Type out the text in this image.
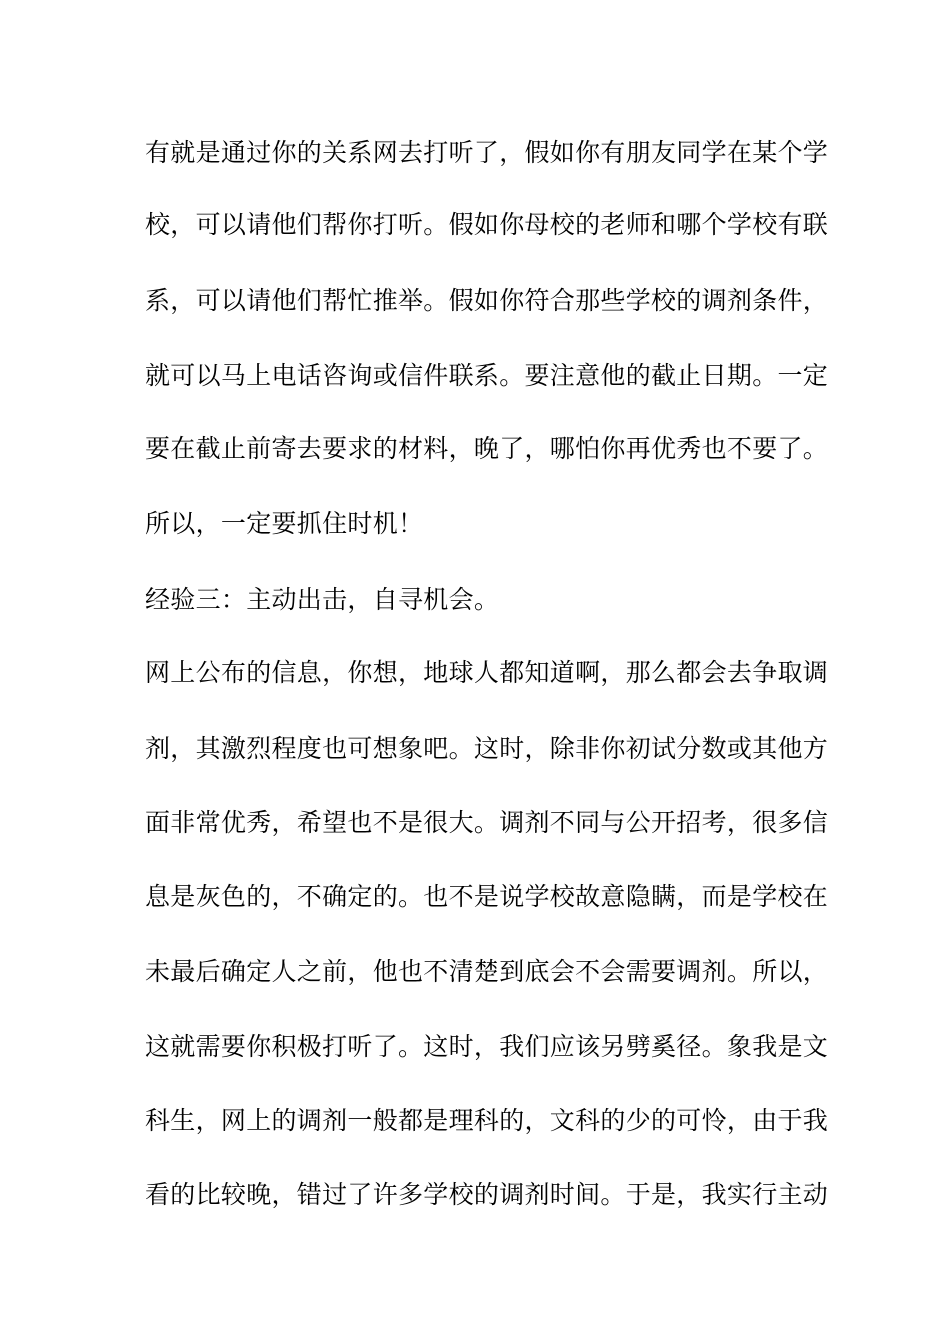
有就是通过你的关系网去打听了，假如你有朋友同学在某个学
校，可以请他们帮你打听。假如你母校的老师和哪个学校有联
系，可以请他们帮忙推举。假如你符合那些学校的调剂条件，
就可以马上电话咨询或信件联系。要注意他的截止日期。一定
要在截止前寄去要求的材料，晚了，哪怕你再优秀也不要了。
所以，一定要抓住时机！
经验三：主动出击，自寻机会。
网上公布的信息，你想，地球人都知道啊，那么都会去争取调
剂，其激烈程度也可想象吧。这时，除非你初试分数或其他方
面非常优秀，希望也不是很大。调剂不同与公开招考，很多信
息是灰色的，不确定的。也不是说学校故意隐瞒，而是学校在
未最后确定人之前，他也不清楚到底会不会需要调剂。所以，
这就需要你积极打听了。这时，我们应该另劈奚径。象我是文
科生，网上的调剂一般都是理科的，文科的少的可怜，由于我
看的比较晚，错过了许多学校的调剂时间。于是，我实行主动
